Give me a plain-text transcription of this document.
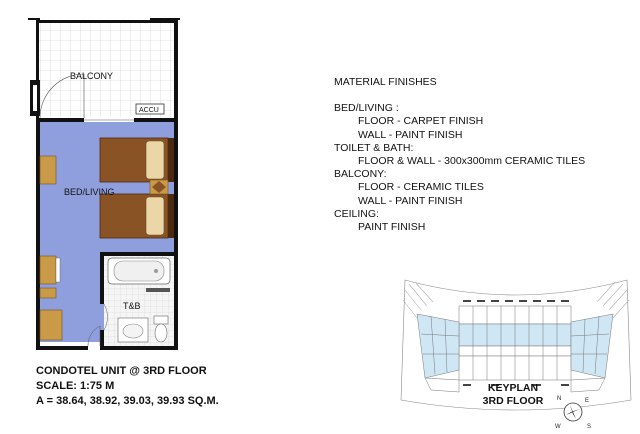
BALCONY
ACCU
BED/LIVING
T&B
MATERIAL FINISHES
BED/LIVING :
FLOOR - CARPET FINISH
WALL - PAINT FINISH
TOILET & BATH:
FLOOR & WALL - 300x300mm CERAMIC TILES
BALCONY:
FLOOR - CERAMIC TILES
WALL - PAINT FINISH
CEILING:
PAINT FINISH
CONDOTEL UNIT @ 3RD FLOOR
SCALE: 1:75 M
A = 38.64, 38.92, 39.03, 39.93 SQ.M.	N	E
S
W
KEYPLAN
3RD FLOOR
